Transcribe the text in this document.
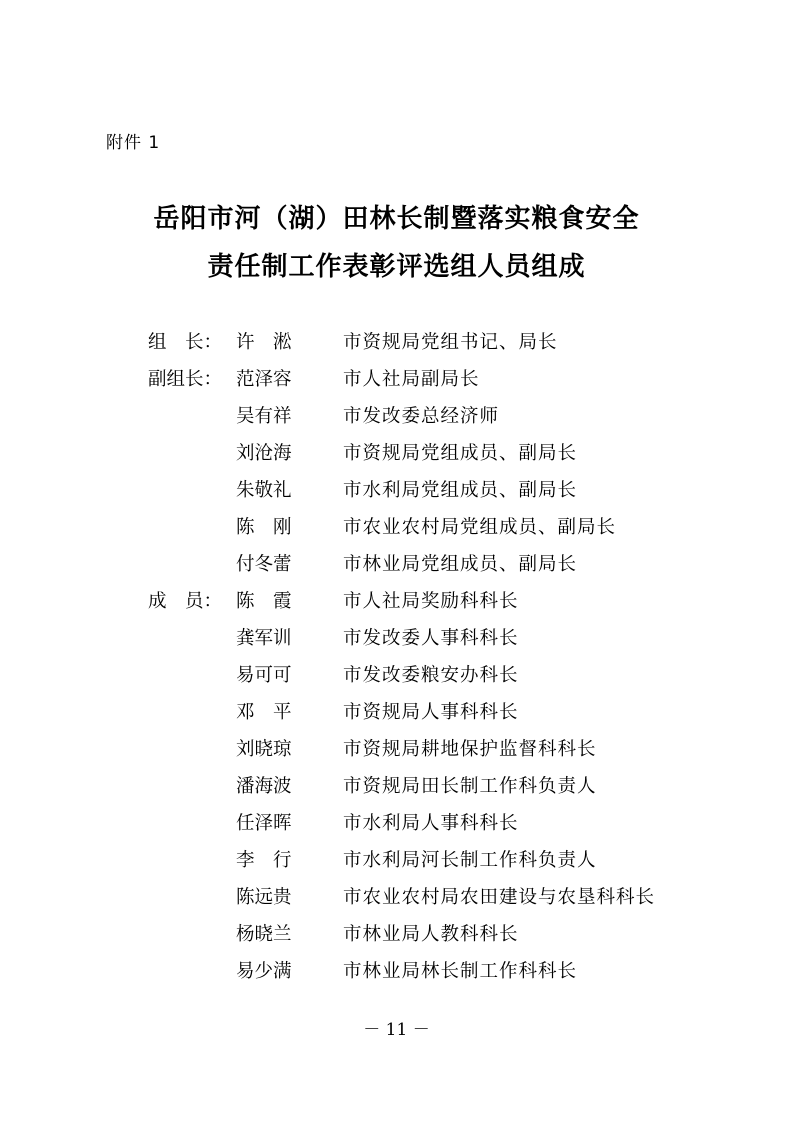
附件 1
岳阳市河（湖）田林长制暨落实粮食安全
责任制工作表彰评选组人员组成
组　长： 许　淞	市资规局党组书记、局长
副组长： 范泽容	市人社局副局长
吴有祥	市发改委总经济师
刘沧海	市资规局党组成员、副局长
朱敬礼	市水利局党组成员、副局长
陈　刚	市农业农村局党组成员、副局长
付冬蕾	市林业局党组成员、副局长
成　员： 陈　霞	市人社局奖励科科长
龚军训	市发改委人事科科长
易可可	市发改委粮安办科长
邓　平	市资规局人事科科长
刘晓琼	市资规局耕地保护监督科科长
潘海波	市资规局田长制工作科负责人
任泽晖	市水利局人事科科长
李　行	市水利局河长制工作科负责人
陈远贵	市农业农村局农田建设与农垦科科长
杨晓兰	市林业局人教科科长
易少满	市林业局林长制工作科科长
－ 11 －
